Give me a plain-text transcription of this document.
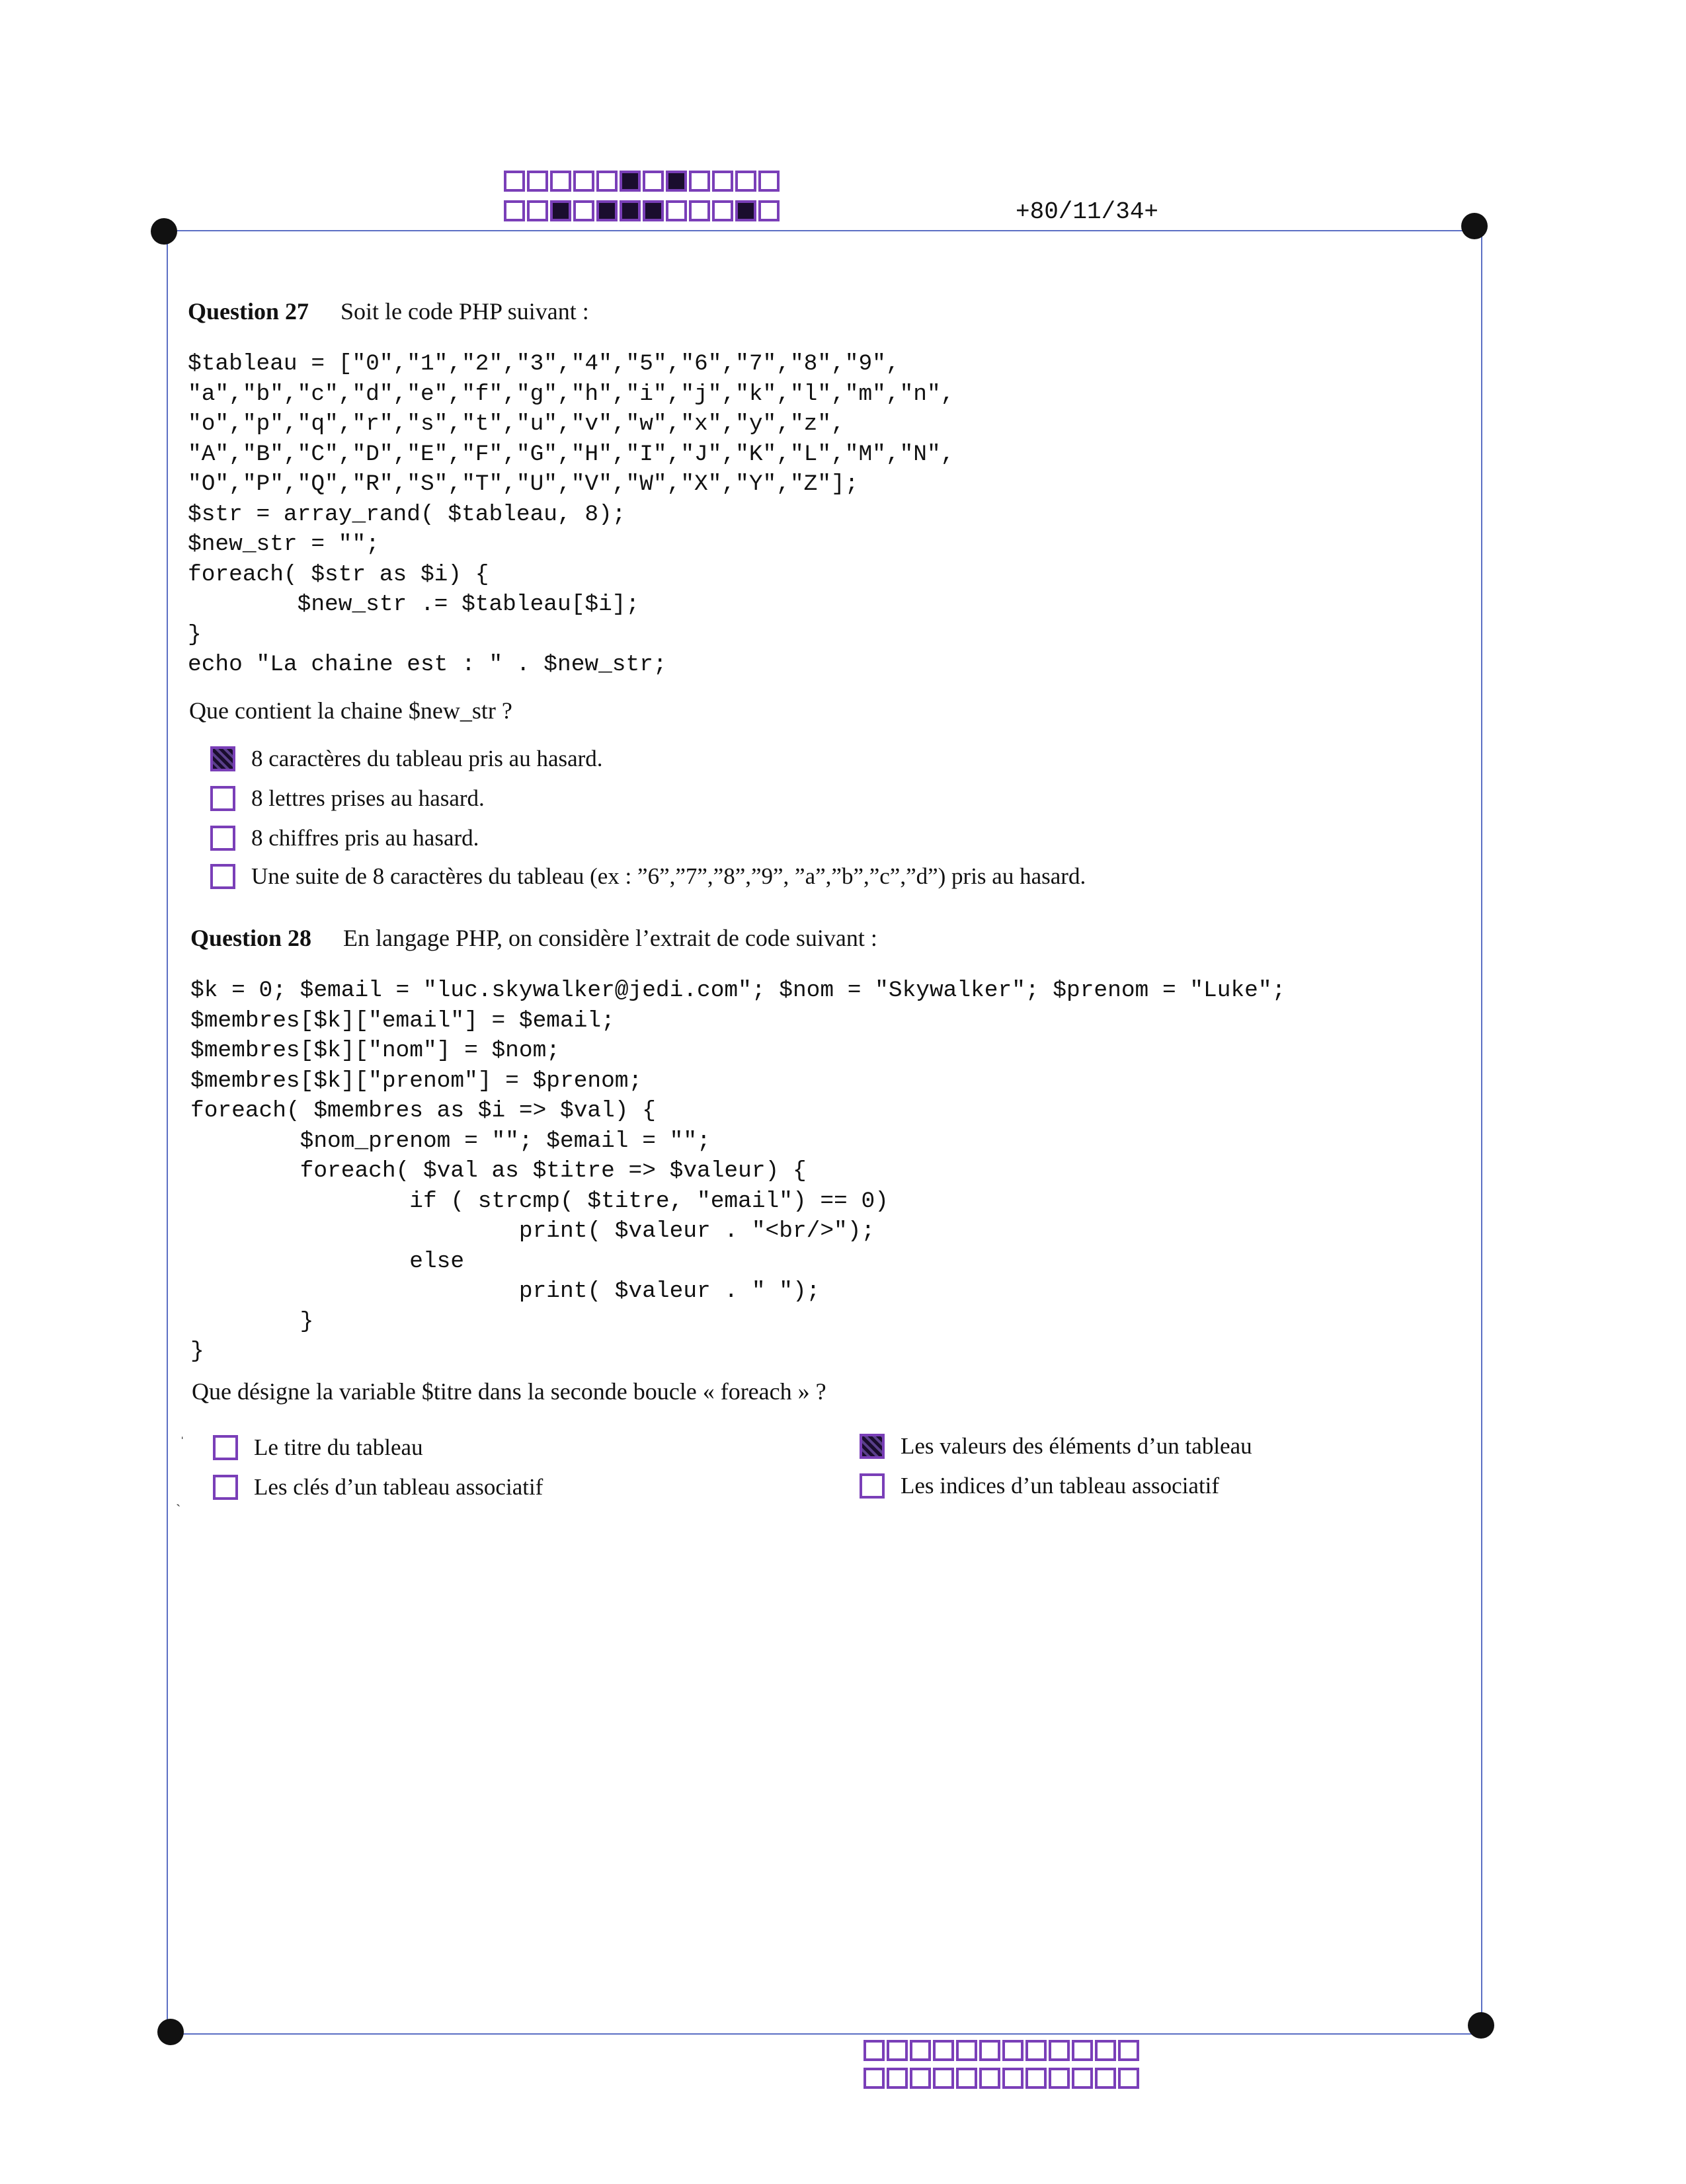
+80/11/34+
Question 27 Soit le code PHP suivant :
$tableau = ["0","1","2","3","4","5","6","7","8","9",
"a","b","c","d","e","f","g","h","i","j","k","l","m","n",
"o","p","q","r","s","t","u","v","w","x","y","z",
"A","B","C","D","E","F","G","H","I","J","K","L","M","N",
"O","P","Q","R","S","T","U","V","W","X","Y","Z"];
$str = array_rand( $tableau, 8);
$new_str = "";
foreach( $str as $i) {
$new_str .= $tableau[$i];
}
echo "La chaine est : " . $new_str;
Que contient la chaine $new_str ?
8 caractères du tableau pris au hasard.
8 lettres prises au hasard.
8 chiffres pris au hasard.
Une suite de 8 caractères du tableau (ex : ”6”,”7”,”8”,”9”, ”a”,”b”,”c”,”d”) pris au hasard.
Question 28 En langage PHP, on considère l’extrait de code suivant :
$k = 0; $email = "luc.skywalker@jedi.com"; $nom = "Skywalker"; $prenom = "Luke";
$membres[$k]["email"] = $email;
$membres[$k]["nom"] = $nom;
$membres[$k]["prenom"] = $prenom;
foreach( $membres as $i => $val) {
$nom_prenom = ""; $email = "";
foreach( $val as $titre => $valeur) {
if ( strcmp( $titre, "email") == 0)
print( $valeur . "<br/>");
else
print( $valeur . " ");
}
}
Que désigne la variable $titre dans la seconde boucle « foreach » ?
Le titre du tableau
Les clés d’un tableau associatif
Les valeurs des éléments d’un tableau
Les indices d’un tableau associatif
ˌ
ˏ
